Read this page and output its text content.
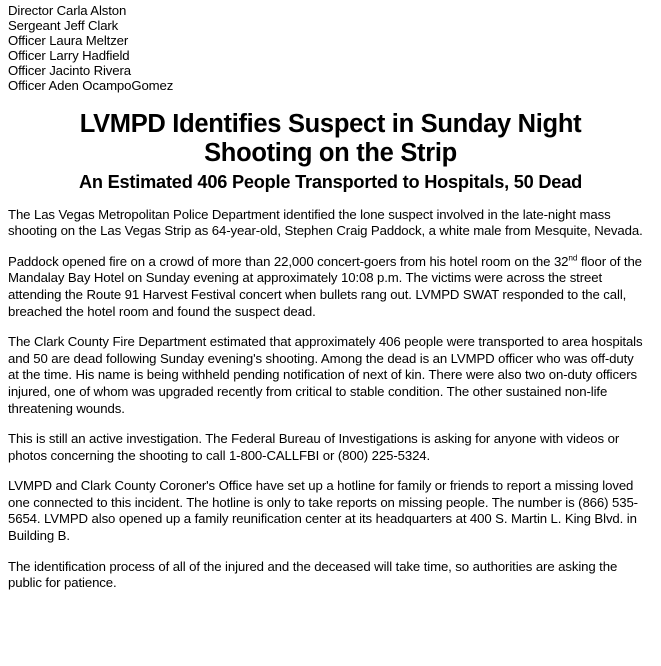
Director Carla Alston
Sergeant Jeff Clark
Officer Laura Meltzer
Officer Larry Hadfield
Officer Jacinto Rivera
Officer Aden OcampoGomez
LVMPD Identifies Suspect in Sunday Night Shooting on the Strip
An Estimated 406 People Transported to Hospitals, 50 Dead

The Las Vegas Metropolitan Police Department identified the lone suspect involved in the late-night mass shooting on the Las Vegas Strip as 64-year-old, Stephen Craig Paddock, a white male from Mesquite, Nevada.

Paddock opened fire on a crowd of more than 22,000 concert-goers from his hotel room on the 32nd floor of the Mandalay Bay Hotel on Sunday evening at approximately 10:08 p.m. The victims were across the street attending the Route 91 Harvest Festival concert when bullets rang out. LVMPD SWAT responded to the call, breached the hotel room and found the suspect dead.

The Clark County Fire Department estimated that approximately 406 people were transported to area hospitals and 50 are dead following Sunday evening's shooting. Among the dead is an LVMPD officer who was off-duty at the time. His name is being withheld pending notification of next of kin. There were also two on-duty officers injured, one of whom was upgraded recently from critical to stable condition. The other sustained non-life threatening wounds.

This is still an active investigation. The Federal Bureau of Investigations is asking for anyone with videos or photos concerning the shooting to call 1-800-CALLFBI or (800) 225-5324.

LVMPD and Clark County Coroner's Office have set up a hotline for family or friends to report a missing loved one connected to this incident. The hotline is only to take reports on missing people. The number is (866) 535-5654. LVMPD also opened up a family reunification center at its headquarters at 400 S. Martin L. King Blvd. in Building B.

The identification process of all of the injured and the deceased will take time, so authorities are asking the public for patience.
